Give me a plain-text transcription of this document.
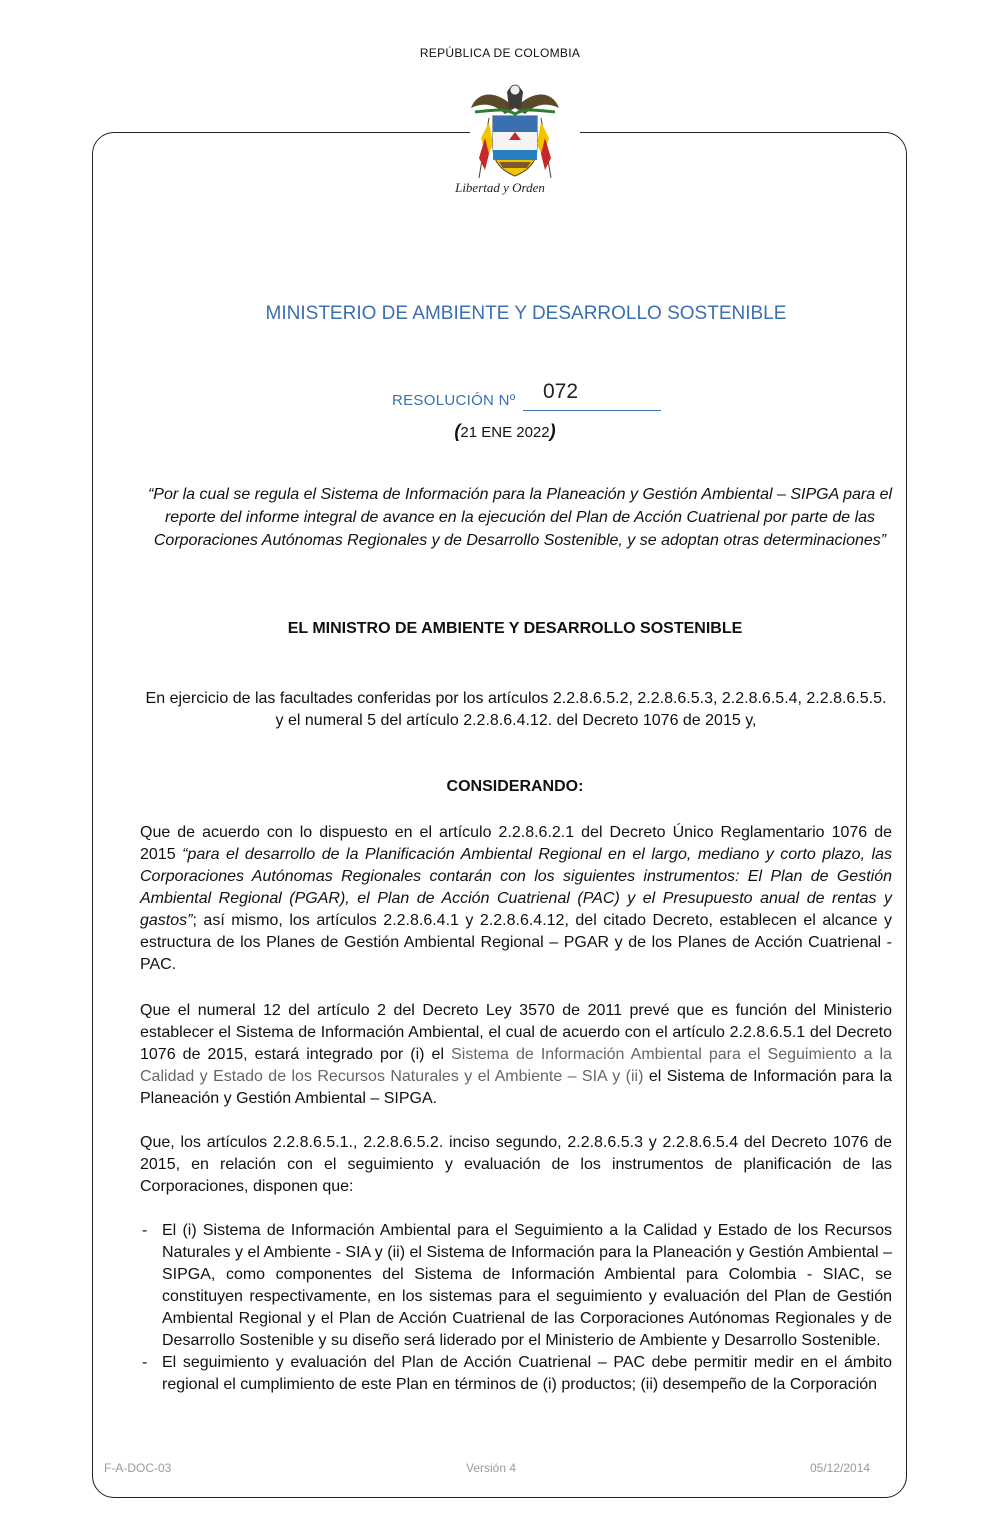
REPÚBLICA DE COLOMBIA
Libertad y Orden
MINISTERIO DE AMBIENTE Y DESARROLLO SOSTENIBLE
RESOLUCIÓN Nº 072
(21 ENE 2022)
“Por la cual se regula el Sistema de Información para la Planeación y Gestión Ambiental – SIPGA para el reporte del informe integral de avance en la ejecución del Plan de Acción Cuatrienal por parte de las Corporaciones Autónomas Regionales y de Desarrollo Sostenible, y se adoptan otras determinaciones”
EL MINISTRO DE AMBIENTE Y DESARROLLO SOSTENIBLE
En ejercicio de las facultades conferidas por los artículos 2.2.8.6.5.2, 2.2.8.6.5.3, 2.2.8.6.5.4, 2.2.8.6.5.5. y el numeral 5 del artículo 2.2.8.6.4.12. del Decreto 1076 de 2015 y,
CONSIDERANDO:
Que de acuerdo con lo dispuesto en el artículo 2.2.8.6.2.1 del Decreto Único Reglamentario 1076 de 2015 “para el desarrollo de la Planificación Ambiental Regional en el largo, mediano y corto plazo, las Corporaciones Autónomas Regionales contarán con los siguientes instrumentos: El Plan de Gestión Ambiental Regional (PGAR), el Plan de Acción Cuatrienal (PAC) y el Presupuesto anual de rentas y gastos”; así mismo, los artículos 2.2.8.6.4.1 y 2.2.8.6.4.12, del citado Decreto, establecen el alcance y estructura de los Planes de Gestión Ambiental Regional – PGAR y de los Planes de Acción Cuatrienal - PAC.
Que el numeral 12 del artículo 2 del Decreto Ley 3570 de 2011 prevé que es función del Ministerio establecer el Sistema de Información Ambiental, el cual de acuerdo con el artículo 2.2.8.6.5.1 del Decreto 1076 de 2015, estará integrado por (i) el Sistema de Información Ambiental para el Seguimiento a la Calidad y Estado de los Recursos Naturales y el Ambiente – SIA y (ii) el Sistema de Información para la Planeación y Gestión Ambiental – SIPGA.
Que, los artículos 2.2.8.6.5.1., 2.2.8.6.5.2. inciso segundo, 2.2.8.6.5.3 y 2.2.8.6.5.4 del Decreto 1076 de 2015, en relación con el seguimiento y evaluación de los instrumentos de planificación de las Corporaciones, disponen que:
- El (i) Sistema de Información Ambiental para el Seguimiento a la Calidad y Estado de los Recursos Naturales y el Ambiente - SIA y (ii) el Sistema de Información para la Planeación y Gestión Ambiental – SIPGA, como componentes del Sistema de Información Ambiental para Colombia - SIAC, se constituyen respectivamente, en los sistemas para el seguimiento y evaluación del Plan de Gestión Ambiental Regional y el Plan de Acción Cuatrienal de las Corporaciones Autónomas Regionales y de Desarrollo Sostenible y su diseño será liderado por el Ministerio de Ambiente y Desarrollo Sostenible.
- El seguimiento y evaluación del Plan de Acción Cuatrienal – PAC debe permitir medir en el ámbito regional el cumplimiento de este Plan en términos de (i) productos; (ii) desempeño de la Corporación
F-A-DOC-03	Versión 4	05/12/2014
